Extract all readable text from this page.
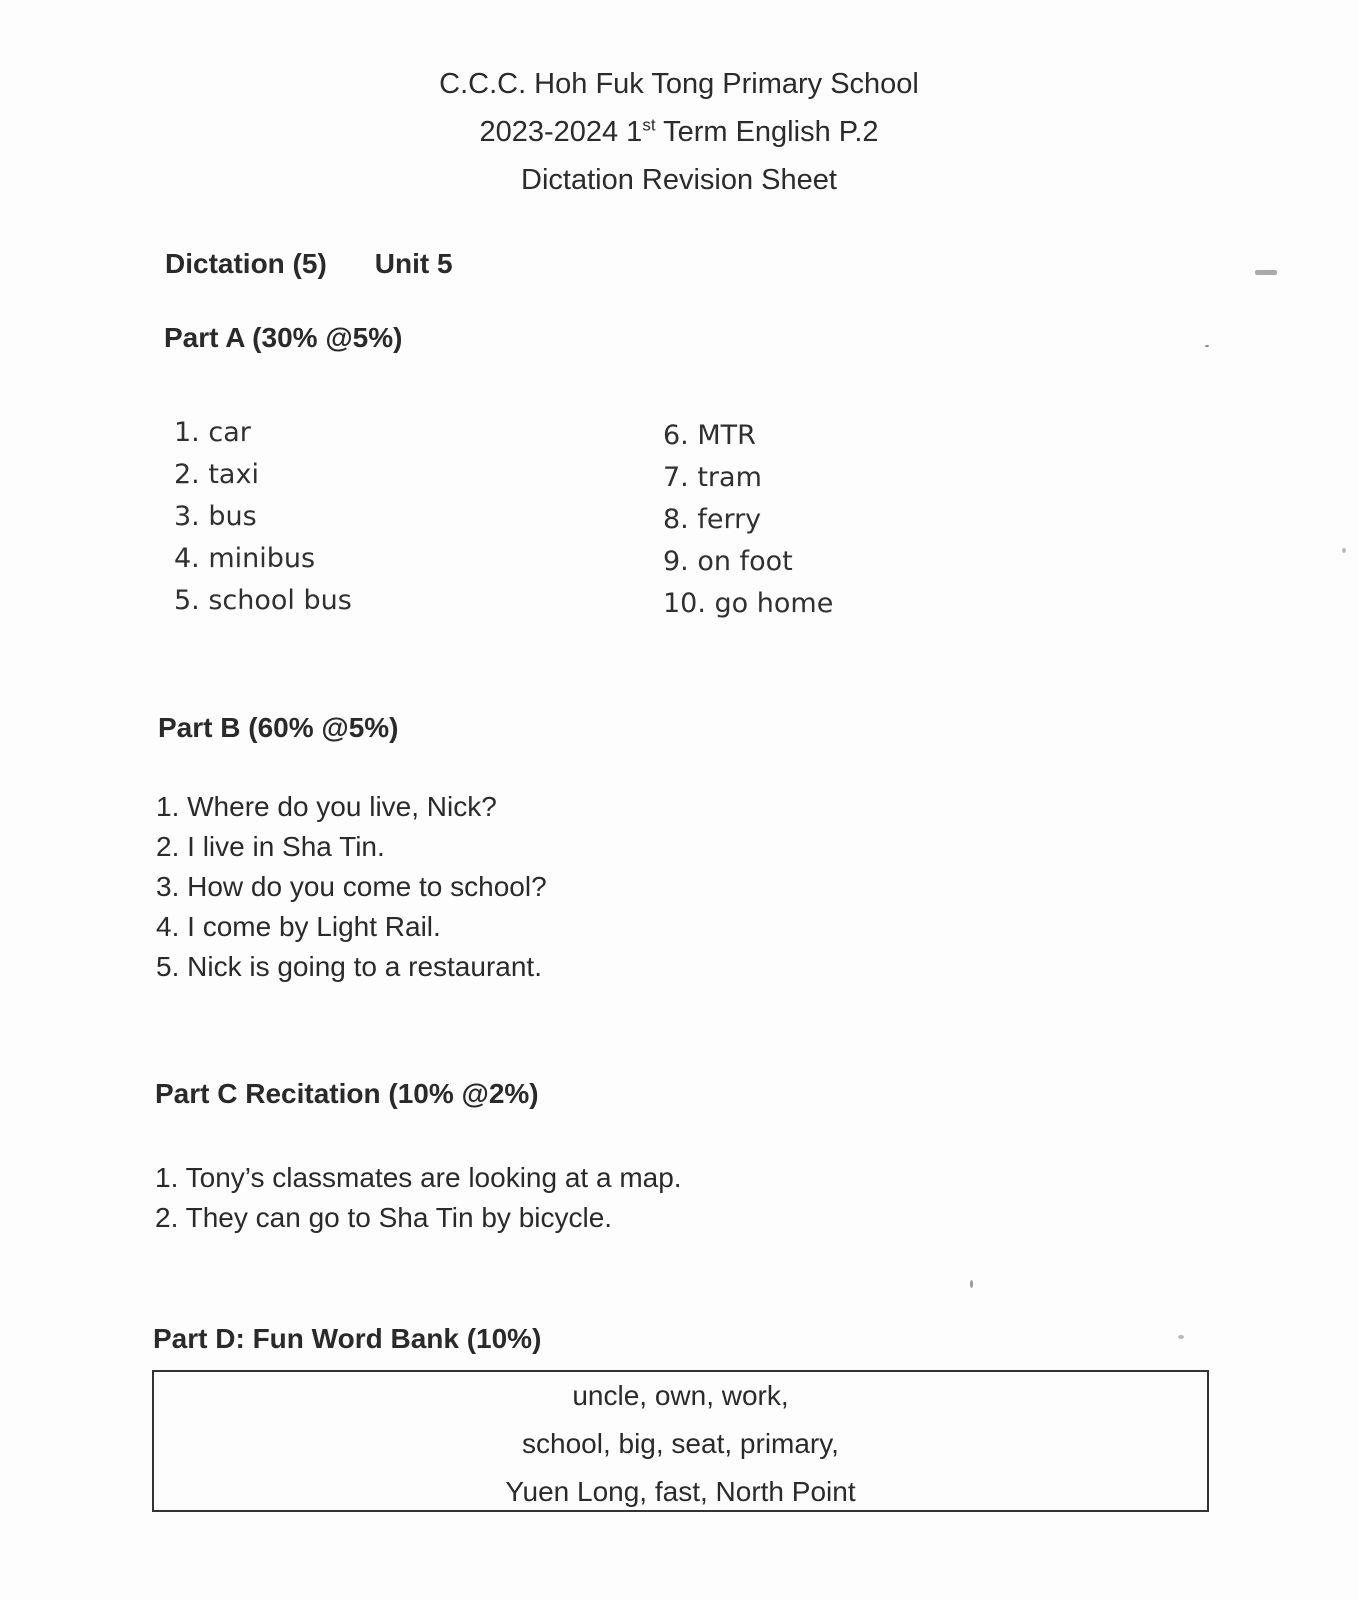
C.C.C. Hoh Fuk Tong Primary School
2023-2024 1st Term English P.2
Dictation Revision Sheet
Dictation (5) Unit 5
Part A (30% @5%)
1. car
2. taxi
3. bus
4. minibus
5. school bus
6. MTR
7. tram
8. ferry
9. on foot
10. go home
Part B (60% @5%)
1. Where do you live, Nick?
2. I live in Sha Tin.
3. How do you come to school?
4. I come by Light Rail.
5. Nick is going to a restaurant.
Part C Recitation (10% @2%)
1. Tony’s classmates are looking at a map.
2. They can go to Sha Tin by bicycle.
Part D: Fun Word Bank (10%)
uncle, own, work,
school, big, seat, primary,
Yuen Long, fast, North Point
